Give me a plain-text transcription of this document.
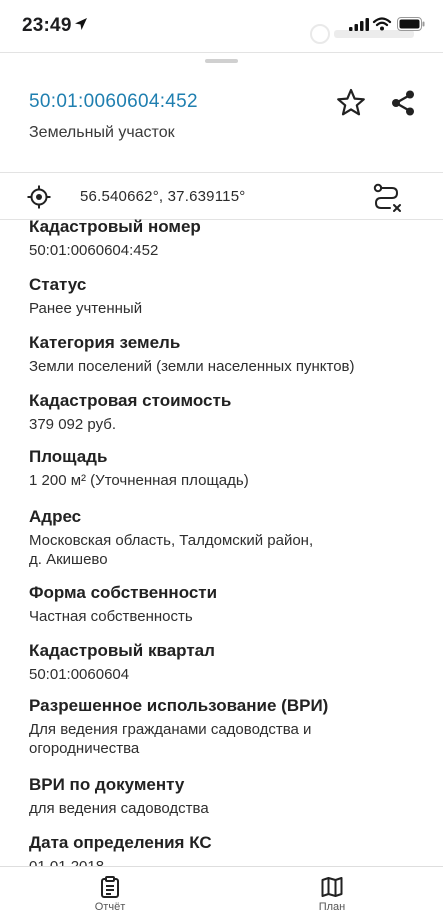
23:49
50:01:0060604:452
Земельный участок
56.540662°, 37.639115°
Кадастровый номер
50:01:0060604:452
Статус
Ранее учтенный
Категория земель
Земли поселений (земли населенных пунктов)
Кадастровая стоимость
379 092 руб.
Площадь
1 200 м² (Уточненная площадь)
Адрес
Московская область, Талдомский район,
д. Акишево
Форма собственности
Частная собственность
Кадастровый квартал
50:01:0060604
Разрешенное использование (ВРИ)
Для ведения гражданами садоводства и
огородничества
ВРИ по документу
для ведения садоводства
Дата определения КС
Отчёт	План
